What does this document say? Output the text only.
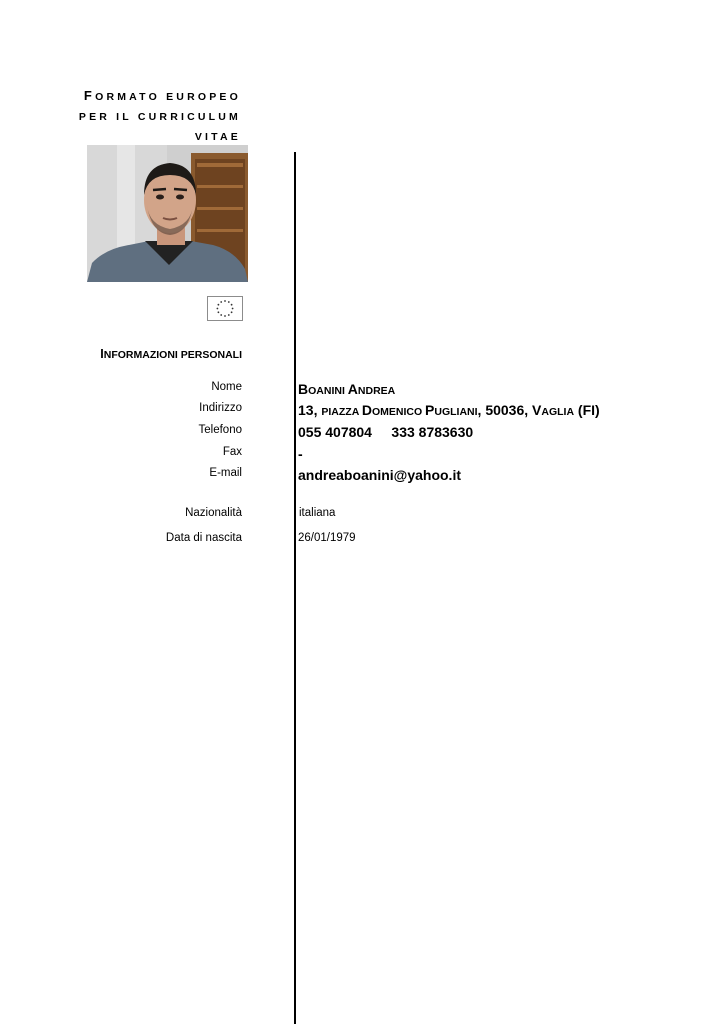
FORMATO EUROPEO
PER IL CURRICULUM
VITAE
INFORMAZIONI PERSONALI
Nome	BOANINI ANDREA
Indirizzo	13, PIAZZA DOMENICO PUGLIANI, 50036, VAGLIA (FI)
Telefono	055 407804     333 8783630
Fax	-
E-mail	andreaboanini@yahoo.it
Nazionalità	italiana
Data di nascita	26/01/1979
